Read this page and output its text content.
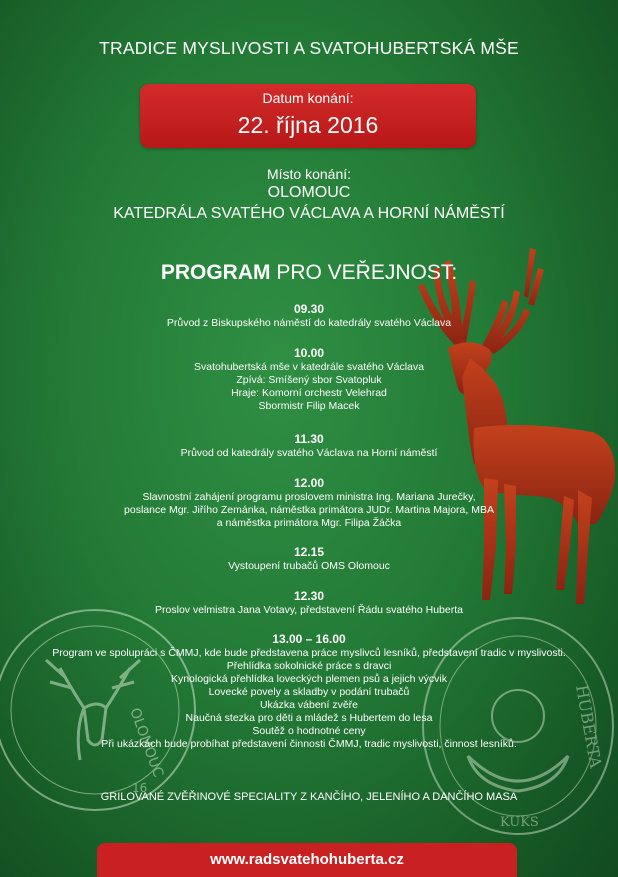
OLOMOUC
16
HUBERTA
KUKS
TRADICE MYSLIVOSTI A SVATOHUBERTSKÁ MŠE
Datum konání:
22. října 2016
Místo konání:
OLOMOUC
KATEDRÁLA SVATÉHO VÁCLAVA A HORNÍ NÁMĚSTÍ
PROGRAM PRO VEŘEJNOST:
09.30
Průvod z Biskupského náměstí do katedrály svatého Václava
10.00
Svatohubertská mše v katedrále svatého Václava
Zpívá: Smíšený sbor Svatopluk
Hraje: Komorní orchestr Velehrad
Sbormistr Filip Macek
11.30
Průvod od katedrály svatého Václava na Horní náměstí
12.00
Slavnostní zahájení programu proslovem ministra Ing. Mariana Jurečky,
poslance Mgr. Jiřího Zemánka, náměstka primátora JUDr. Martina Majora, MBA
a náměstka primátora Mgr. Filipa Žáčka
12.15
Vystoupení trubačů OMS Olomouc
12.30
Proslov velmistra Jana Votavy, představení Řádu svatého Huberta
13.00 – 16.00
Program ve spolupráci s ČMMJ, kde bude představena práce myslivců lesníků, představení tradic v myslivosti.
Přehlídka sokolnické práce s dravci
Kynologická přehlídka loveckých plemen psů a jejich výcvik
Lovecké povely a skladby v podání trubačů
Ukázka vábení zvěře
Naučná stezka pro děti a mládež s Hubertem do lesa
Soutěž o hodnotné ceny
Při ukázkách bude probíhat představení činnosti ČMMJ, tradic myslivosti, činnost lesníků.
GRILOVANÉ ZVĚŘINOVÉ SPECIALITY Z KANČÍHO, JELENÍHO A DANČÍHO MASA
www.radsvatehohuberta.cz
